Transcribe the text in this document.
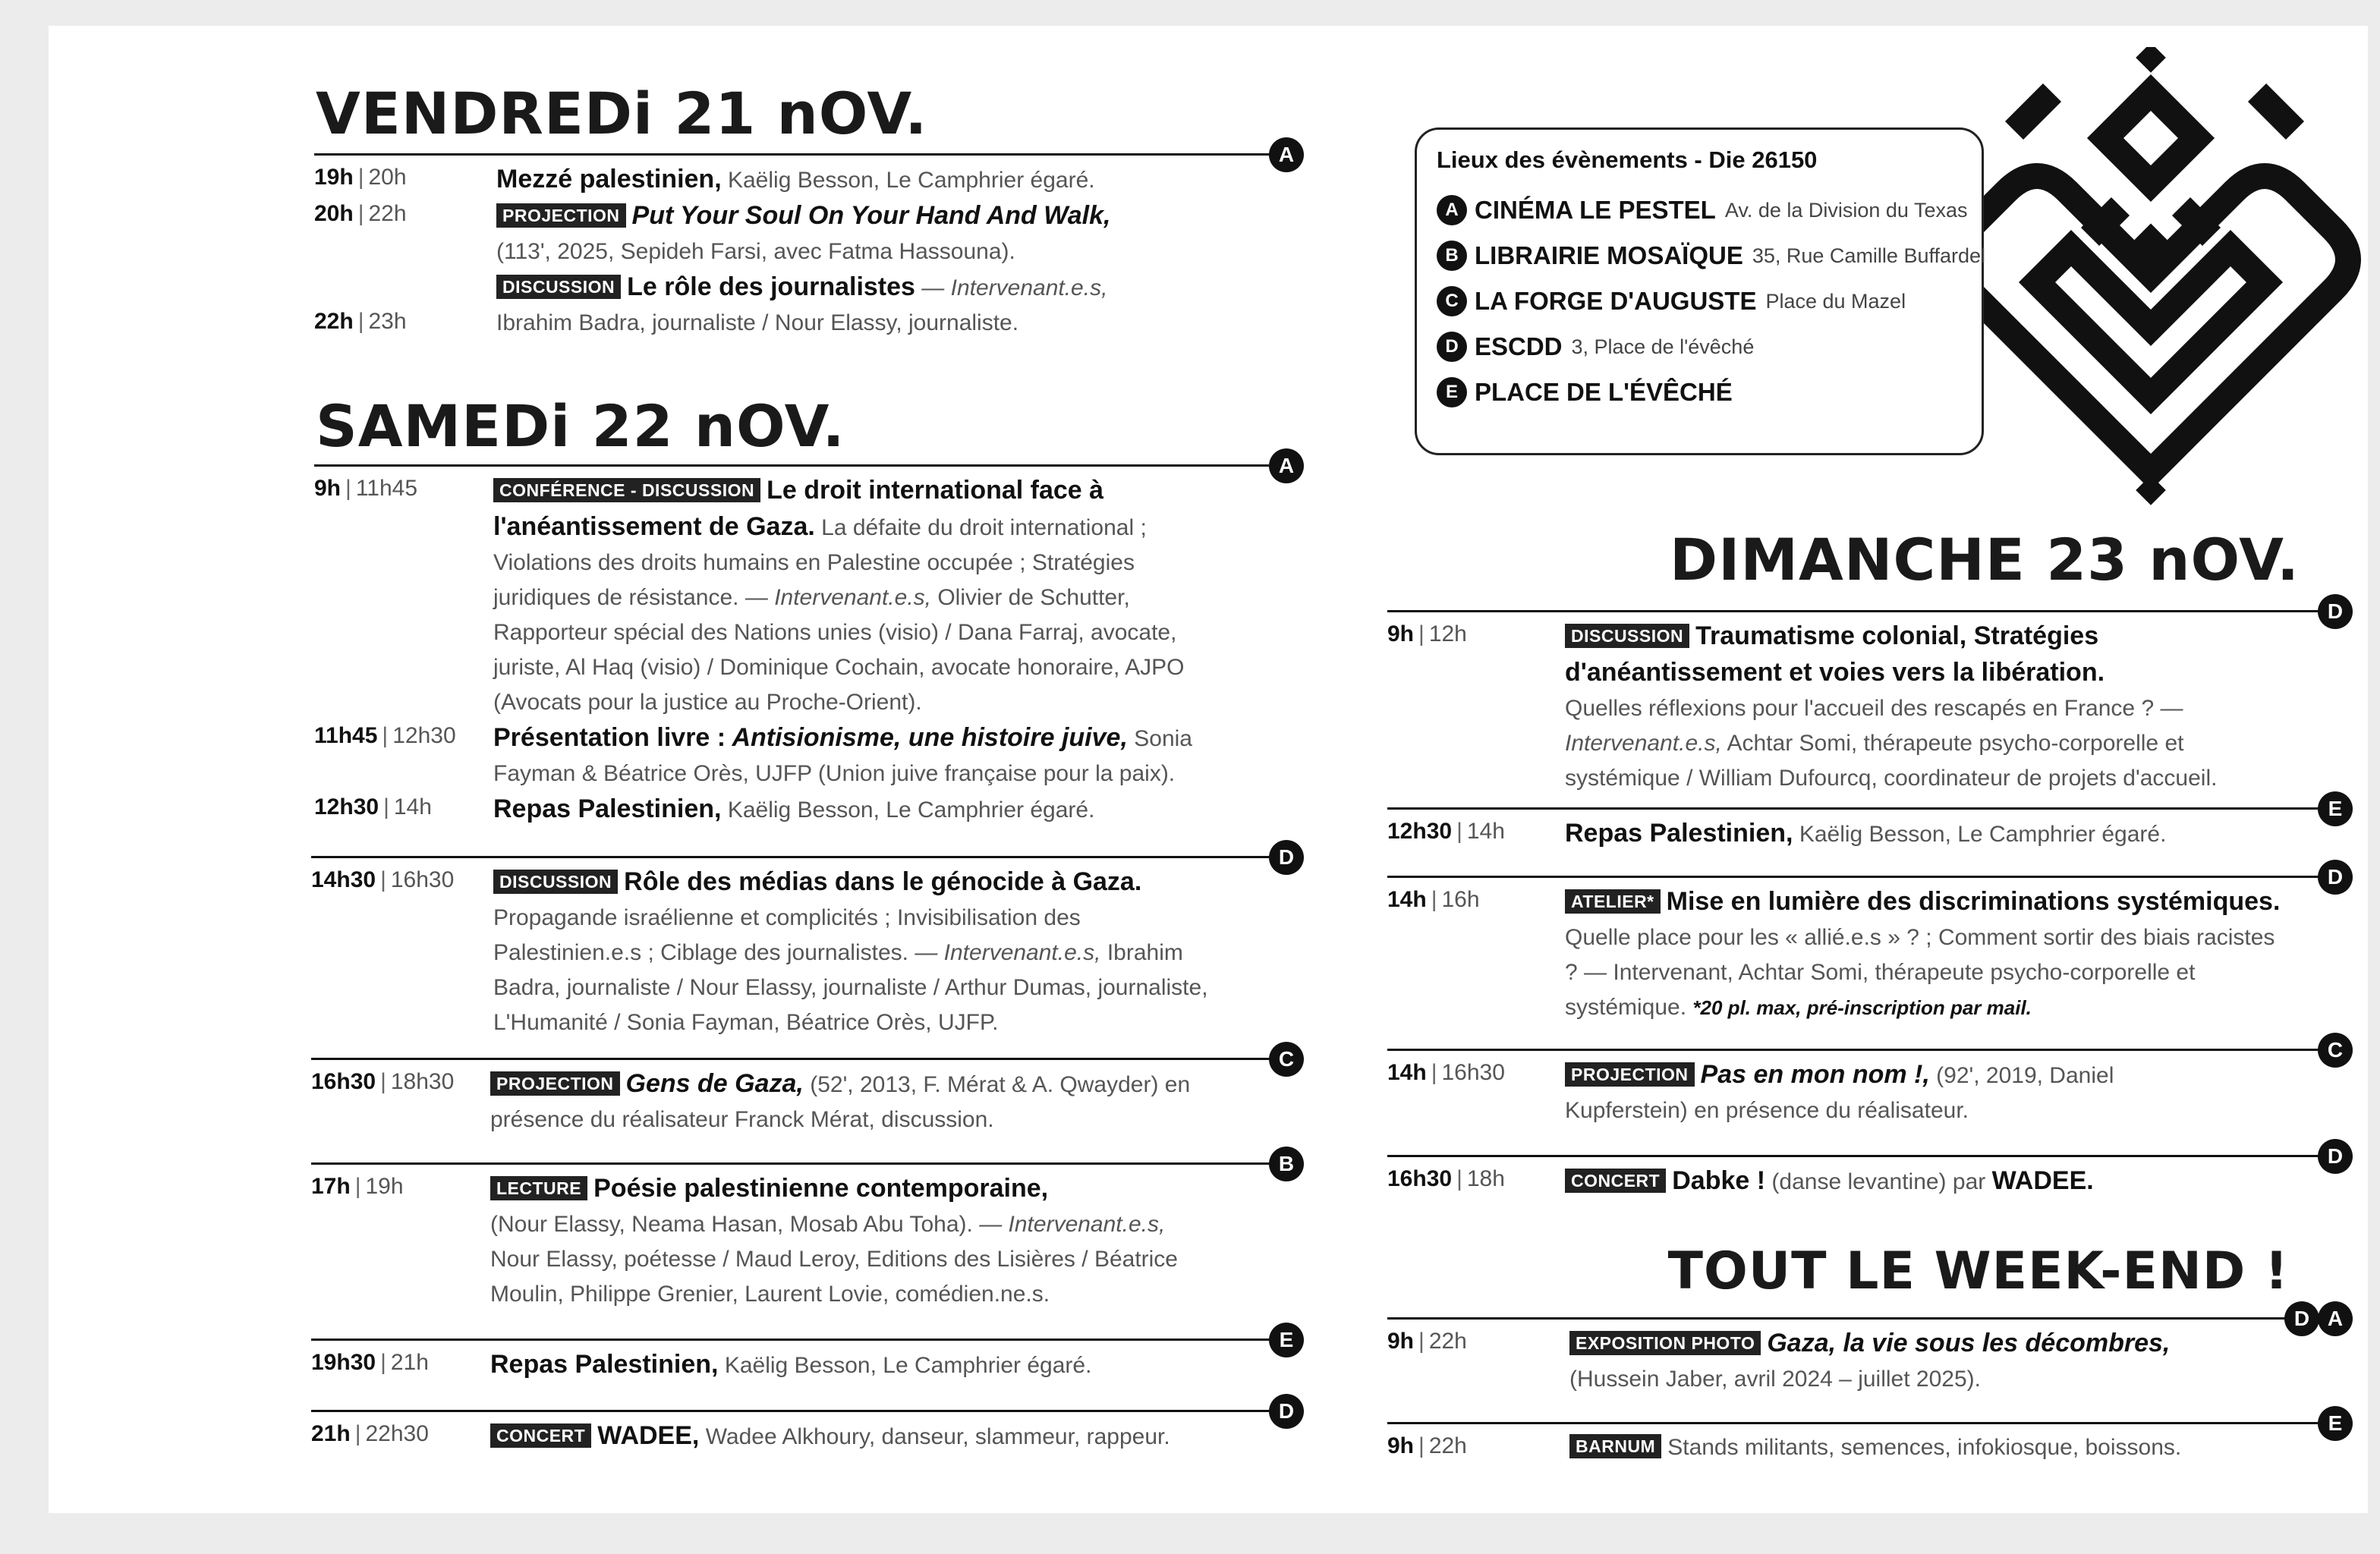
VENDREDi 21 nOV.
A
19h | 20h	Mezzé palestinien, Kaëlig Besson, Le Camphrier égaré.
20h | 22h	PROJECTION Put Your Soul On Your Hand And Walk,
(113', 2025, Sepideh Farsi, avec Fatma Hassouna).
DISCUSSION Le rôle des journalistes — Intervenant.e.s,
22h | 23h	Ibrahim Badra, journaliste / Nour Elassy, journaliste.
SAMEDi 22 nOV.
A
9h | 11h45	CONFÉRENCE - DISCUSSION Le droit international face à l'anéantissement de Gaza. La défaite du droit international ; Violations des droits humains en Palestine occupée ; Stratégies juridiques de résistance. — Intervenant.e.s, Olivier de Schutter, Rapporteur spécial des Nations unies (visio) / Dana Farraj, avocate, juriste, Al Haq (visio) / Dominique Cochain, avocate honoraire, AJPO (Avocats pour la justice au Proche-Orient).
11h45 | 12h30 Présentation livre : Antisionisme, une histoire juive, Sonia Fayman & Béatrice Orès, UJFP (Union juive française pour la paix).
12h30 | 14h Repas Palestinien, Kaëlig Besson, Le Camphrier égaré.
D
14h30 | 16h30	DISCUSSION Rôle des médias dans le génocide à Gaza.
Propagande israélienne et complicités ; Invisibilisation des Palestinien.e.s ; Ciblage des journalistes. — Intervenant.e.s, Ibrahim Badra, journaliste / Nour Elassy, journaliste / Arthur Dumas, journaliste, L'Humanité / Sonia Fayman, Béatrice Orès, UJFP.
C
16h30 | 18h30	PROJECTION Gens de Gaza, (52', 2013, F. Mérat & A. Qwayder) en présence du réalisateur Franck Mérat, discussion.
B
17h | 19h	LECTURE Poésie palestinienne contemporaine,
(Nour Elassy, Neama Hasan, Mosab Abu Toha). — Intervenant.e.s, Nour Elassy, poétesse / Maud Leroy, Editions des Lisières / Béatrice Moulin, Philippe Grenier, Laurent Lovie, comédien.ne.s.
E
19h30 | 21h Repas Palestinien, Kaëlig Besson, Le Camphrier égaré.
D
21h | 22h30	CONCERT WADEE, Wadee Alkhoury, danseur, slammeur, rappeur.
Lieux des évènements - Die 26150
A CINÉMA LE PESTEL Av. de la Division du Texas
B LIBRAIRIE MOSAÏQUE 35, Rue Camille Buffardel
C LA FORGE D'AUGUSTE Place du Mazel
D ESCDD 3, Place de l'évêché
E PLACE DE L'ÉVÊCHÉ
DIMANCHE 23 nOV.
D
9h | 12h	DISCUSSION Traumatisme colonial, Stratégies d'anéantissement et voies vers la libération.
Quelles réflexions pour l'accueil des rescapés en France ? — Intervenant.e.s, Achtar Somi, thérapeute psycho-corporelle et systémique / William Dufourcq, coordinateur de projets d'accueil.
E
12h30 | 14h Repas Palestinien, Kaëlig Besson, Le Camphrier égaré.
D
14h | 16h	ATELIER* Mise en lumière des discriminations systémiques.
Quelle place pour les « allié.e.s » ? ; Comment sortir des biais racistes ? — Intervenant, Achtar Somi, thérapeute psycho-corporelle et systémique. *20 pl. max, pré-inscription par mail.
C
14h | 16h30	PROJECTION Pas en mon nom !, (92', 2019, Daniel Kupferstein) en présence du réalisateur.
D
16h30 | 18h	CONCERT Dabke ! (danse levantine) par WADEE.
TOUT LE WEEK-END !
A
D
9h | 22h	EXPOSITION PHOTO Gaza, la vie sous les décombres,
(Hussein Jaber, avril 2024 – juillet 2025).
E
9h | 22h	BARNUM Stands militants, semences, infokiosque, boissons.
